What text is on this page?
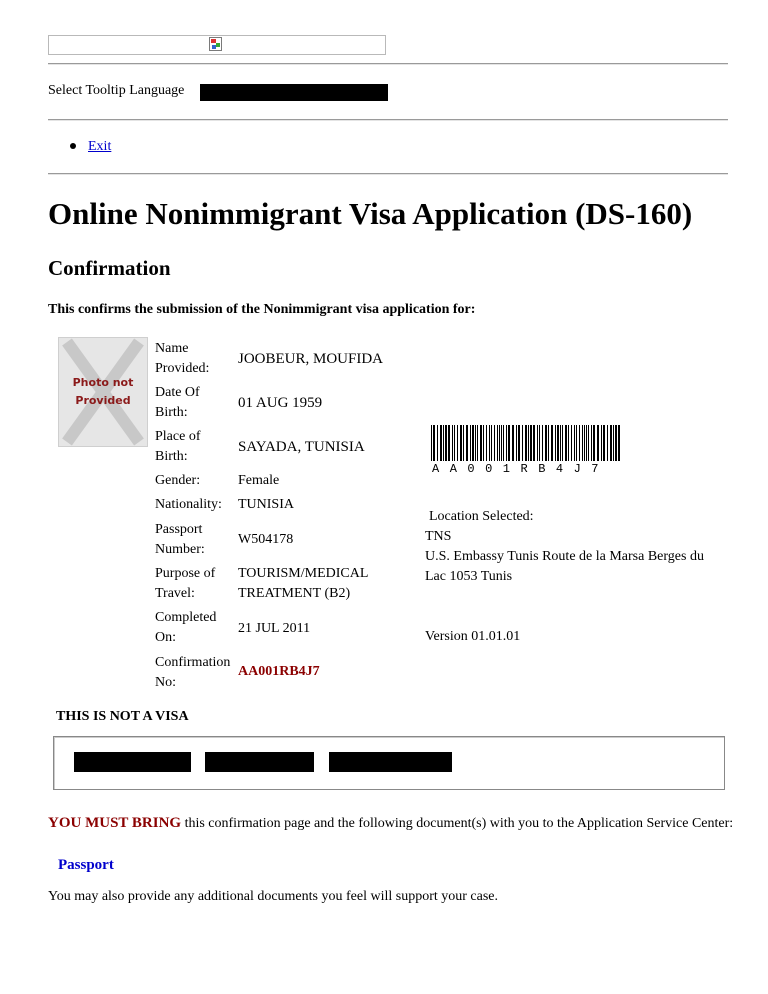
Select Tooltip Language
Exit
Online Nonimmigrant Visa Application (DS-160)
Confirmation
This confirms the submission of the Nonimmigrant visa application for:
Photo not
Provided
Name Provided:
JOOBEUR, MOUFIDA
Date Of Birth:
01 AUG 1959
Place of Birth:
SAYADA, TUNISIA
Gender:	Female
Nationality:	TUNISIA
Passport Number:
W504178
Purpose of Travel:
TOURISM/MEDICAL TREATMENT (B2)
Completed On:
21 JUL 2011
Confirmation No:
AA001RB4J7
AA001RB4J7
Location Selected:
TNS
U.S. Embassy Tunis Route de la Marsa Berges du Lac 1053 Tunis
Version 01.01.01
THIS IS NOT A VISA
YOU MUST BRING this confirmation page and the following document(s) with you to the Application Service Center:
Passport
You may also provide any additional documents you feel will support your case.
